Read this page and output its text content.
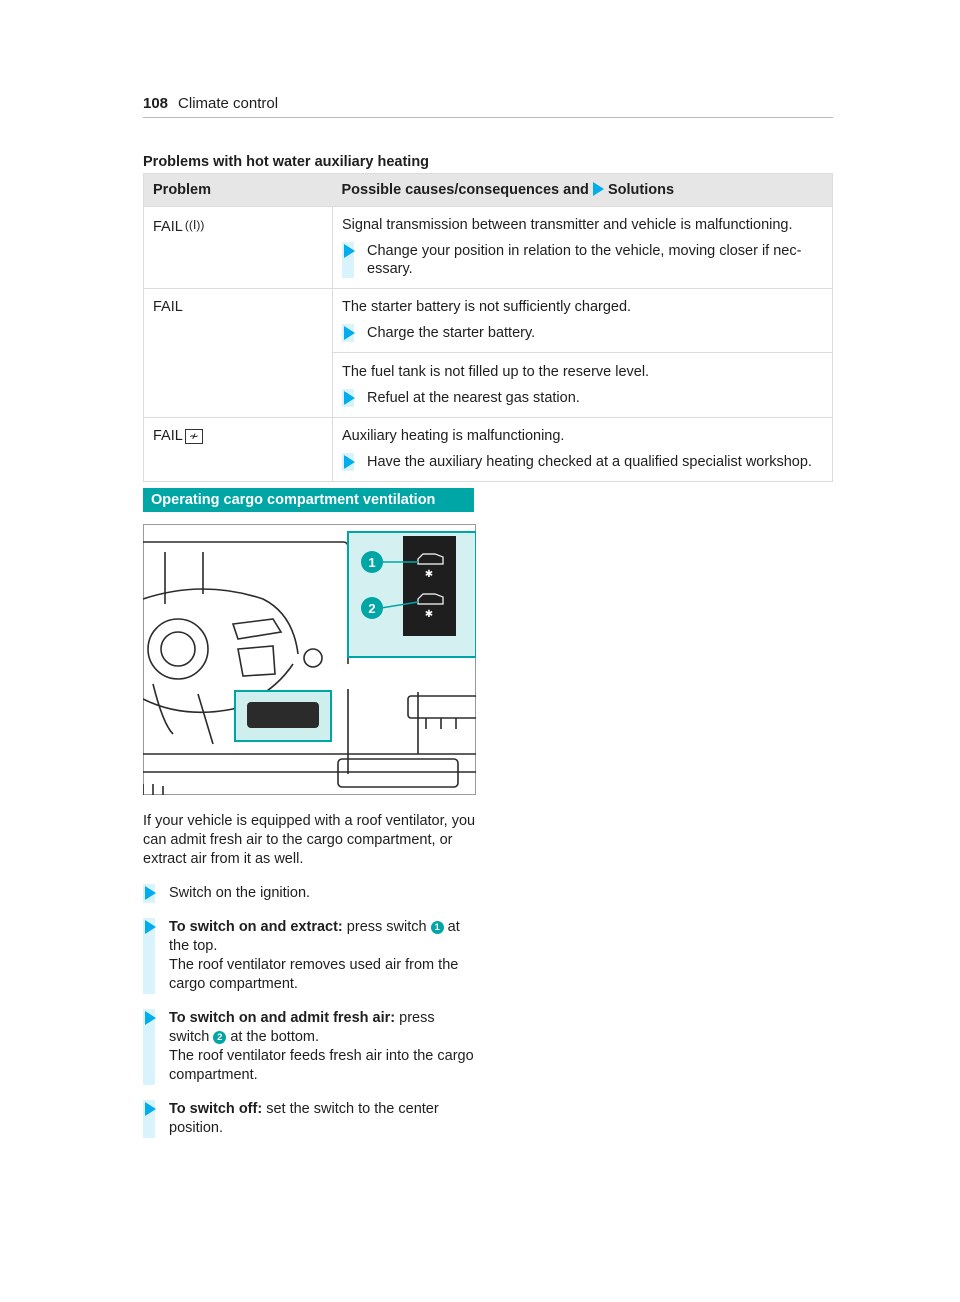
108 Climate control
Problems with hot water auxiliary heating
Problem	Possible causes/consequences and Solutions
FAIL ((Ⅰ))	Signal transmission between transmitter and vehicle is malfunctioning.
Change your position in relation to the vehicle, moving closer if necessary.

FAIL	The starter battery is not sufficiently charged.
Charge the starter battery.
The fuel tank is not filled up to the reserve level.
Refuel at the nearest gas station.

FAIL ≁	Auxiliary heating is malfunctioning.
Have the auxiliary heating checked at a qualified specialist workshop.
Operating cargo compartment ventilation
✱
✱
1
2
If your vehicle is equipped with a roof ventilator, you can admit fresh air to the cargo compartment, or extract air from it as well.
Switch on the ignition.
To switch on and extract: press switch 1 at the top.
The roof ventilator removes used air from the cargo compartment.
To switch on and admit fresh air: press switch 2 at the bottom.
The roof ventilator feeds fresh air into the cargo compartment.
To switch off: set the switch to the center position.
